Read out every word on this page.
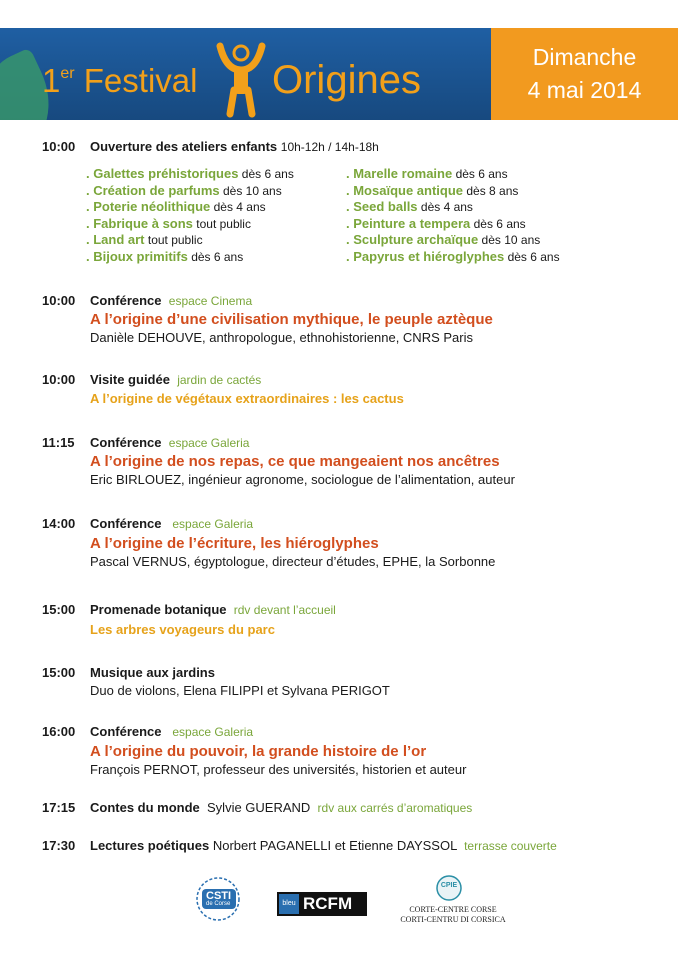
1er Festival Origines
Dimanche
4 mai 2014
10:00 Ouverture des ateliers enfants 10h-12h / 14h-18h
. Galettes préhistoriques dès 6 ans
. Création de parfums dès 10 ans
. Poterie néolithique dès 4 ans
. Fabrique à sons tout public
. Land art tout public
. Bijoux primitifs dès 6 ans
. Marelle romaine dès 6 ans
. Mosaïque antique dès 8 ans
. Seed balls dès 4 ans
. Peinture a tempera dès 6 ans
. Sculpture archaïque dès 10 ans
. Papyrus et hiéroglyphes dès 6 ans
10:00 Conférence espace Cinema
A l’origine d’une civilisation mythique, le peuple aztèque
Danièle DEHOUVE, anthropologue, ethnohistorienne, CNRS Paris
10:00 Visite guidée jardin de cactés
A l’origine de végétaux extraordinaires : les cactus
11:15 Conférence espace Galeria
A l’origine de nos repas, ce que mangeaient nos ancêtres
Eric BIRLOUEZ, ingénieur agronome, sociologue de l’alimentation, auteur
14:00 Conférence espace Galeria
A l’origine de l’écriture, les hiéroglyphes
Pascal VERNUS, égyptologue, directeur d’études, EPHE, la Sorbonne
15:00 Promenade botanique rdv devant l’accueil
Les arbres voyageurs du parc
15:00 Musique aux jardins
Duo de violons, Elena FILIPPI et Sylvana PERIGOT
16:00 Conférence espace Galeria
A l’origine du pouvoir, la grande histoire de l’or
François PERNOT, professeur des universités, historien et auteur
17:15 Contes du monde Sylvie GUERAND rdv aux carrés d’aromatiques
17:30 Lectures poétiques Norbert PAGANELLI et Etienne DAYSSOL terrasse couverte
CSTI
de Corse	bleu RCFM
CPIE
CORTE-CENTRE CORSE
CORTI-CENTRU DI CORSICA
